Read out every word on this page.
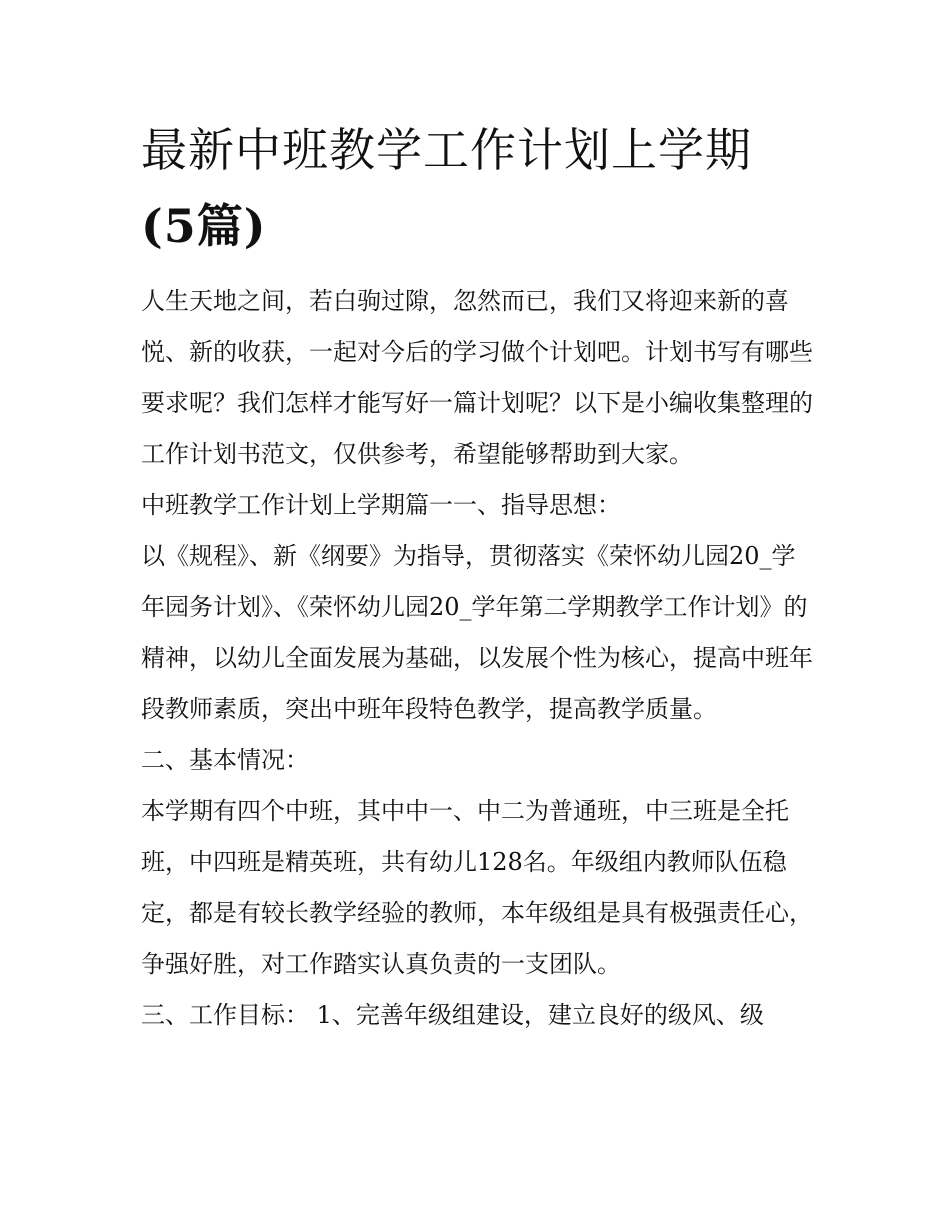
最新中班教学工作计划上学期
(5篇)

人生天地之间，若白驹过隙，忽然而已，我们又将迎来新的喜悦、新的收获，一起对今后的学习做个计划吧。计划书写有哪些要求呢？我们怎样才能写好一篇计划呢？以下是小编收集整理的工作计划书范文，仅供参考，希望能够帮助到大家。

中班教学工作计划上学期篇一一、指导思想：

以《规程》、新《纲要》为指导，贯彻落实《荣怀幼儿园20_学年园务计划》、《荣怀幼儿园20_学年第二学期教学工作计划》的精神，以幼儿全面发展为基础，以发展个性为核心，提高中班年段教师素质，突出中班年段特色教学，提高教学质量。

二、基本情况：

本学期有四个中班，其中中一、中二为普通班，中三班是全托班，中四班是精英班，共有幼儿128名。年级组内教师队伍稳定，都是有较长教学经验的教师，本年级组是具有极强责任心，争强好胜，对工作踏实认真负责的一支团队。

三、工作目标： 1、完善年级组建设，建立良好的级风、级
